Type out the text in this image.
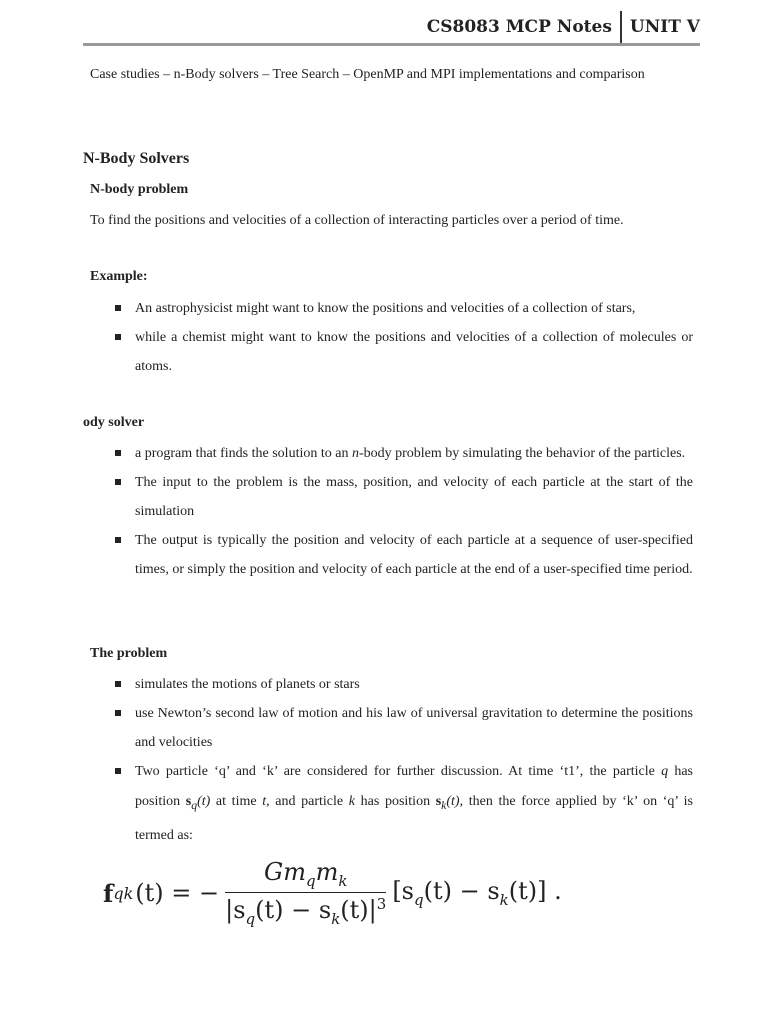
CS8083 MCP Notes	UNIT V

Case studies – n-Body solvers – Tree Search – OpenMP and MPI implementations and comparison

N-Body Solvers
N-body problem
To find the positions and velocities of a collection of interacting particles over a period of time.
Example:
An astrophysicist might want to know the positions and velocities of a collection of stars,
while a chemist might want to know the positions and velocities of a collection of molecules or atoms.
ody solver
a program that finds the solution to an n-body problem by simulating the behavior of the particles.
The input to the problem is the mass, position, and velocity of each particle at the start of the simulation
The output is typically the position and velocity of each particle at a sequence of user-specified times, or simply the position and velocity of each particle at the end of a user-specified time period.
The problem
simulates the motions of planets or stars
use Newton’s second law of motion and his law of universal gravitation to determine the positions and velocities
Two particle ‘q’ and ‘k’ are considered for further discussion. At time ‘t1’, the particle q has position $s_q(t)$ at time t, and particle k has position $s_k(t)$, then the force applied by ‘k’ on ‘q’ is termed as:
f qk (t) = − $\frac{Gm_qm_k}{|s_q(t) - s_k(t)|^3} [s_q(t) - s_k(t)]$ .
